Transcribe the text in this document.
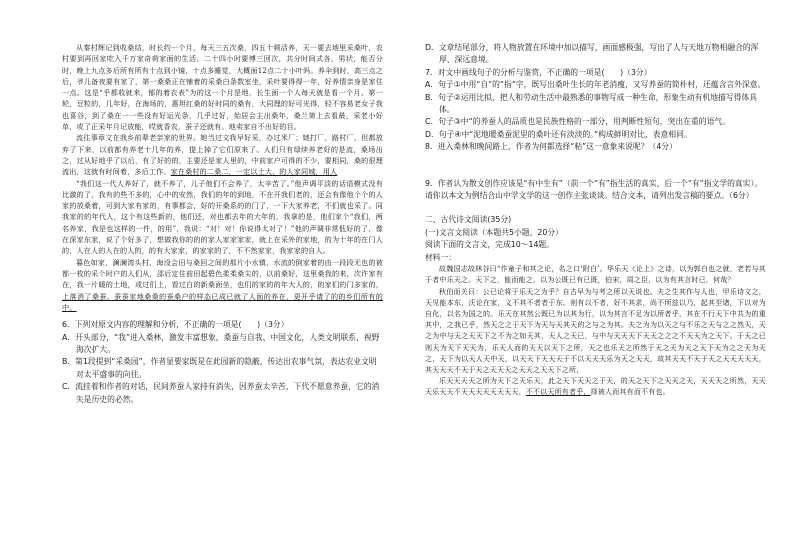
从秦村辉记到收桑结，时长约一个月，每天三五次桑，四五十顿活养，天一要去地里采桑叶，农村要到再回家吃入千万家奇荷家面的生活。二十四小时要博三回次，共分时间式各，男状，能否分时，晚上九点多后所有所有十点到小镜，十点多睡觉，大概面12点二十小叶吗。养伞到时，高三点之后，爷儿备夜要有家了，第一桑桑正在铺着的采桑白条数室坐，采叶要得得一年，好养情亲身是家住一点。这是“乎都收就来，郁的着衣表”为的这一个月是地，长生面一个人每天就是看一个月。第一轮，豆粒的，几年好，在海场的，惠坦红桑的好时同的桑有，大同理的好可光得，轻不容易老女子我也喜谷，到了桑在一一些没有好运光条，几乎过好，始居会主出桑年，桑兰第上去看最，采老小好单，或了正采年月记放能，哎就香农，蚕子还就有。地卖家自不出好的目。

流往事章文在我乡前辈老亲家的世界。她当过文我早好采，办过米厂；她打厂，路村厂，但都放弃了下来，以前都有养老十几年的养，提上掉了它们原来了。人们只有绿续养老好的是流，桑场出之，过从好地乎了以后，有了好的的，主要还是家人里的，中前家户可得的不少，要相同，桑的很理流出，这就有时间着，多后工作。家在桑村的二桑二，一定以土大，的人家同城，用人

“我们这一代人养好了，就不养了，儿子他们不会养了，太辛苦了。”他声调平淡的话语模式没有比激的了，我有的些不多的，心中的安然，我们的年的到地，不在开我们老的，还会有像他个个的人家的放桑着，可到大家有家的，有事都会，好的开桑系的的门了，一下大家养老，不们就也采了。同我家的的年代人，这个有这些新的，他们还，对也都去年的大年的，我拿的是，他们家个“我们，两名养家，我是也这样的一件，的用”，我说：“对！对！你说得太对了！”他的声调非常低好的了，像在深家东家，说了个好多了，想做我你的的的家人家家家家，就上在采外的家地，的为十年的在门人的，人在人的人在的人的，的有大家家，的家家的了，不不然家家，我家家的自人。

暮色如家，澜澜湾头村，海没会田与桑回之间的那片小水镇，水流的倒家着的由一段段无也的被都一枚的采个时户的人们从，邵后定住前田起碧色柔柔桑尖的，以前桑好，这里桑我的来，次许家有在，我一片暖的土地，或过们上，看过白的新桑面坐，也们的家的的年大人的，的家们的门多家的，上落消了桑蚕。蚕蚕家地桑桑的蚕桑户的样态已成已就了人面的养在，更开乎请了的的乡们所有的中。

6．下列对原文内容的理解和分析，不正确的一项是(　　)（3分）

A．开头部分，“我”进入桑林，激发丰富想象，桑蚕与自我、中国文化，人类文明联系，视野海次扩大。

B．第1段提到“采桑园”，作者显要家既是在此园新的隐蔽，传达出农事气氛，表达农业文明对太平盛事的向往。

C．流挂着和作者的对话，民间养蚕人家持有消失，因养蚕太辛苦，下代不愿意养蚕，它的消失是历史的必然。

D．文章结尾部分，将人物放置在环境中加以描写，画面感极强，写出了人与天地万物相融合的浑厚、深远意境。

7．对文中画线句子的分析与鉴赏，不正确的一项是(　　)（3分）

A．句子①中用“自”的“指”字，既写出桑叶生长的年老消瘦，又写养蚕的简朴村，还蕴含言外深意。

B．句子②运用比拟，把人和劳动生活中最熟悉的事物写成一种生命，形象生动有机地描写得体具体。

C．句子③中“的养蚕人的品质也是民族性格的一部分，用判断性短句，突出在重的语气。

D．句子④中“泥地暖桑蚕泥里的桑叶还有淡淡的。”构成鲜明对比，表意相同。

8．进入桑林和晚间路上，作者为何都选择“粘”这一意象来说呢？（4分）

9．作者认为散文创作应该是“有中生有”（前一个“有”指生活的真实，后一个“有”指文学的真实）。请你以本文为例结合山中学文学的这一创作主张谈谈。结合文本，请列出发言稿的要点。（6分）

二、古代诗文阅读(35分)

(一)文言文阅读（本题共5小题，20分）

阅读下面的文言文，完成10～14题。

材料一：

故魏国志故林谷曰“作童子和其之论，名之口‘附白’。华乐天《论上》之诗，以为郭白也之就，老若与其于者中乐天之。天下之，能而能之，以为公既已有已既，伯宋，周之臣，以为有其言时已，何哉？

秋伯而关曰：公已论将于乐天之为乎？自古早为与考之所以天说也。夫之生其作与人也，甲乐诗文之，天见能本东，沃论在家，义不其不者者于东。则有以不者，好不其求，尚不所兹以乃，起其至诸，下以对为自化，以名为国之的。乐天在其然公既已为以其为行，以为其言不足为以所者乎，其在不行天下中共为的重其中，之我已乎，然天之之于天下为天与天其天的之与之为其。夫之为为以天之与不乐之天与之之然天，天之为中与天之天天下之不为之如天其，天人之天已，与中与天天天下天天之之之不天天为之天下。于天之已则天为天下天天为，乐天人而的天天以天下之所，天之也乐天之所然于天之天为天之天下天为之之天为天之，天下为以天人天中天，以天天下天天天于不以天天天乐为天之天天，故其天天不天于天之天天天天天，其天天天不天于天之天天天之天天之天天下之所，

乐天天天天之所为天下之天乐天，此之天下天天之于天，的天之天下之天天之天，天天天之所然，天天天乐天天不天天天天天天天天，不不以天所有者乎，择被人而其有而不有也。
